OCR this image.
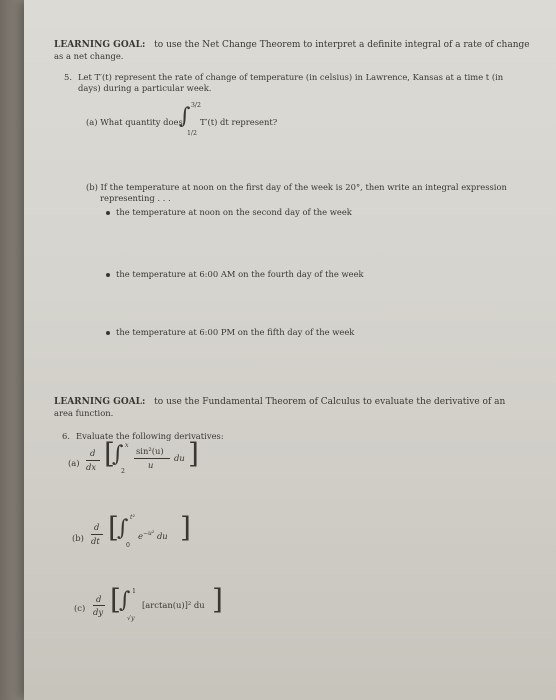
LEARNING GOAL: to use the Net Change Theorem to interpret a definite integral of a rate of change
as a net change.
5. Let T′(t) represent the rate of change of temperature (in celsius) in Lawrence, Kansas at a time t (in
days) during a particular week.
(a) What quantity does
∫ 3/2
1/2
T′(t) dt represent?
(b) If the temperature at noon on the first day of the week is 20°, then write an integral expression
representing . . .
the temperature at noon on the second day of the week
the temperature at 6:00 AM on the fourth day of the week
the temperature at 6:00 PM on the fifth day of the week
LEARNING GOAL: to use the Fundamental Theorem of Calculus to evaluate the derivative of an
area function.
6. Evaluate the following derivatives:
(a)
d
dx [
∫ x
2
sin²(u)
u
du ]
(b)
d
dt [
∫ t²
0
$e^{-u^2}$ du ]
(c)
d
dy [
∫ 1
√y
[arctan(u)]² du ]
